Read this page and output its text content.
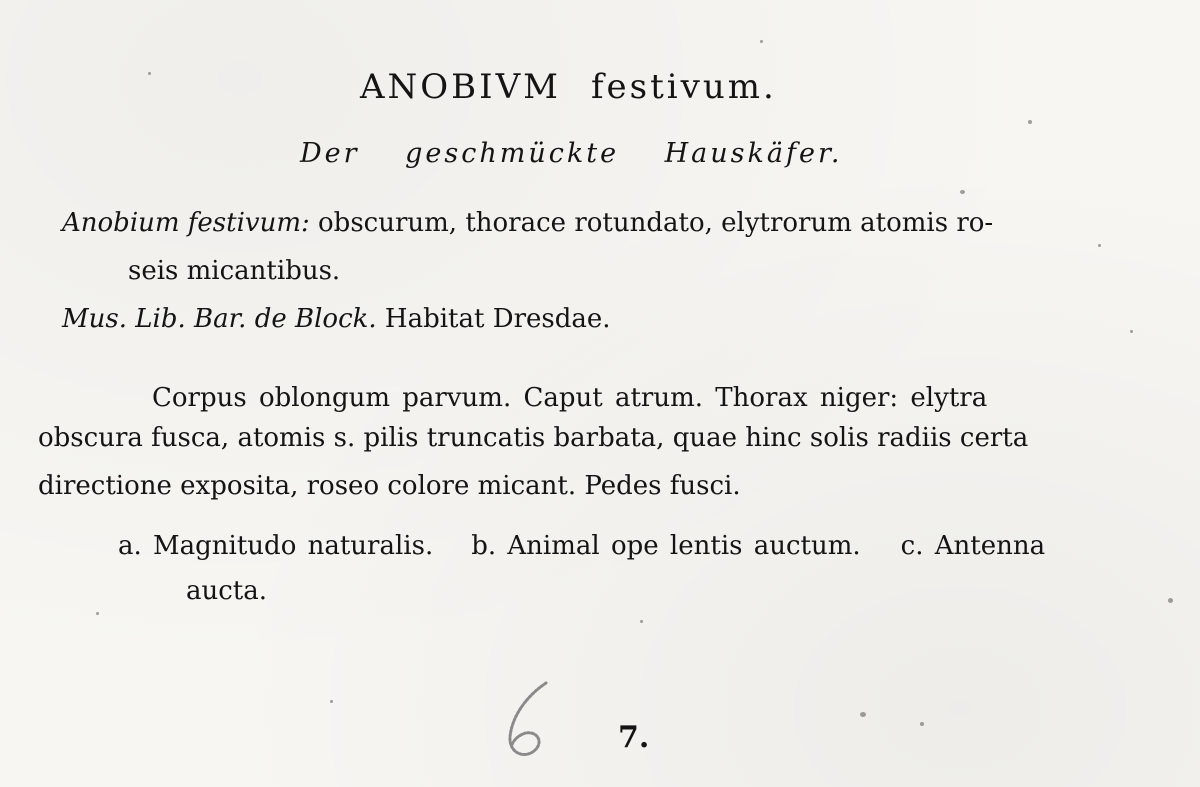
ANOBIVM festivum.
Der geschmückte Hauskäfer.
Anobium festivum: obscurum, thorace rotundato, elytrorum atomis ro-
seis micantibus.
Mus. Lib. Bar. de Block. Habitat Dresdae.
Corpus oblongum parvum. Caput atrum. Thorax niger: elytra
obscura fusca, atomis s. pilis truncatis barbata, quae hinc solis radiis certa
directione exposita, roseo colore micant. Pedes fusci.
a. Magnitudo naturalis. b. Animal ope lentis auctum. c. Antenna
aucta.
7.
